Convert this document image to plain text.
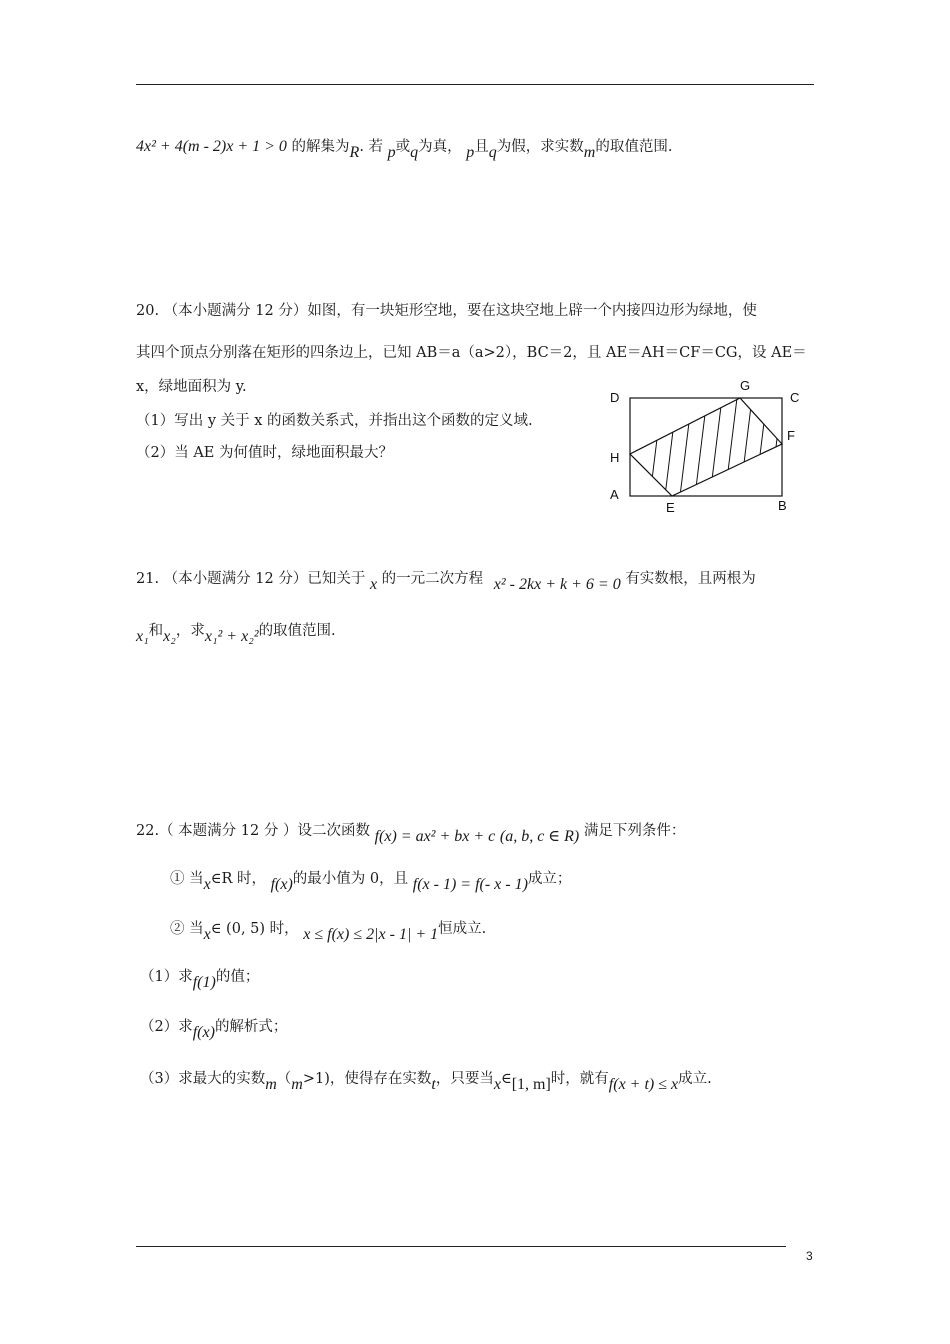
4x² + 4(m - 2)x + 1 > 0 的解集为R. 若 p或q为真， p且q为假，求实数m的取值范围.
20. （本小题满分 12 分）如图，有一块矩形空地，要在这块空地上辟一个内接四边形为绿地，使
其四个顶点分别落在矩形的四条边上，已知 AB＝a（a>2），BC＝2，且 AE＝AH＝CF＝CG，设 AE＝
x，绿地面积为 y.
（1）写出 y 关于 x 的函数关系式，并指出这个函数的定义域.
（2）当 AE 为何值时，绿地面积最大？
D
G
C
F
H
A
E	B
21. （本小题满分 12 分）已知关于 x 的一元二次方程 x² - 2kx + k + 6 = 0 有实数根，且两根为
x₁和x₂，求x₁² + x₂²的取值范围.
22.（ 本题满分 12 分 ）设二次函数 f(x) = ax² + bx + c (a, b, c ∈ R) 满足下列条件：
① 当x∈R 时， f(x)的最小值为 0，且 f(x - 1) = f(- x - 1)成立；
② 当x∈ (0, 5) 时， x ≤ f(x) ≤ 2|x - 1| + 1恒成立.
（1）求f(1)的值；
（2）求f(x)的解析式；
（3）求最大的实数m（m>1)，使得存在实数t，只要当x∈[1, m]时，就有f(x + t) ≤ x成立.
3
